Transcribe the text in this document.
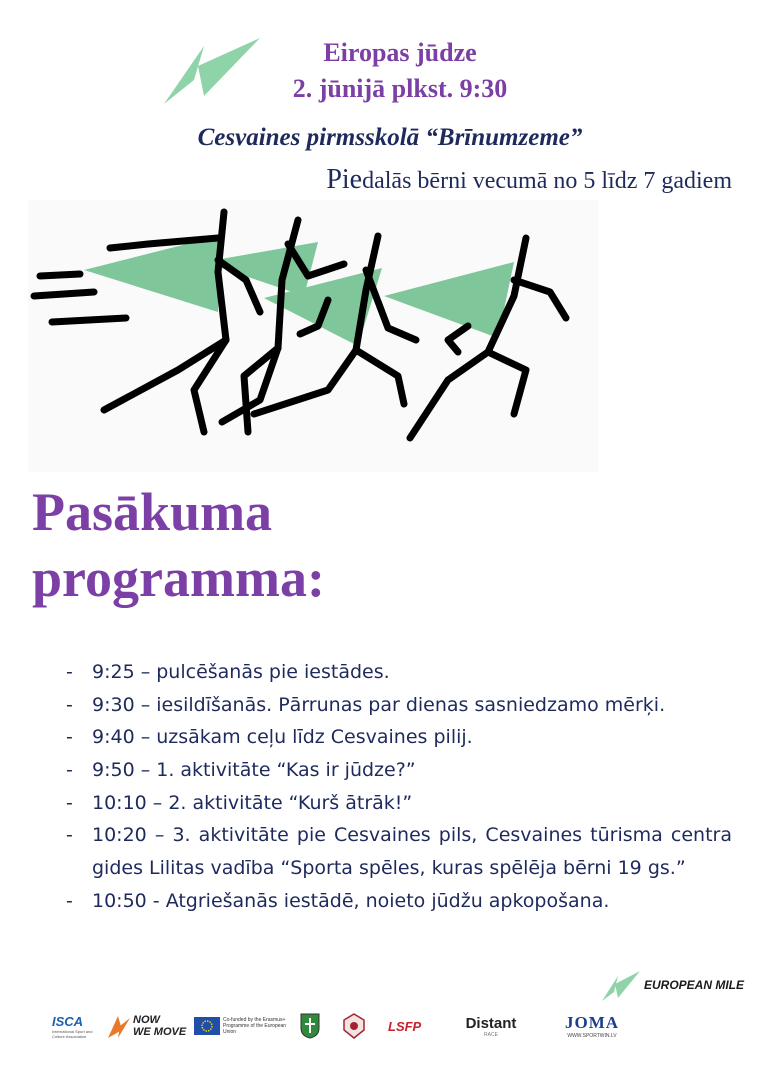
Eiropas jūdze
2. jūnijā plkst. 9:30
Cesvaines pirmsskolā “Brīnumzeme”
Piedalās bērni vecumā no 5 līdz 7 gadiem
Pasākuma
programma:
- 9:25 – pulcēšanās pie iestādes.
- 9:30 – iesildīšanās. Pārrunas par dienas sasniedzamo mērķi.
- 9:40 – uzsākam ceļu līdz Cesvaines pilij.
- 9:50 – 1. aktivitāte “Kas ir jūdze?”
- 10:10 – 2. aktivitāte “Kurš ātrāk!”
- 10:20 – 3. aktivitāte pie Cesvaines pils, Cesvaines tūrisma centra gides Lilitas vadība “Sporta spēles, kuras spēlēja bērni 19 gs.”
- 10:50 - Atgriešanās iestādē, noieto jūdžu apkopošana.
EUROPEAN MILE
ISCA
International Sport and Culture Association
NOW
WE MOVE
Co-funded by the Erasmus+ Programme of the European Union	LSFP	Distant
RACE
JOMA
WWW.SPORTWIN.LV
